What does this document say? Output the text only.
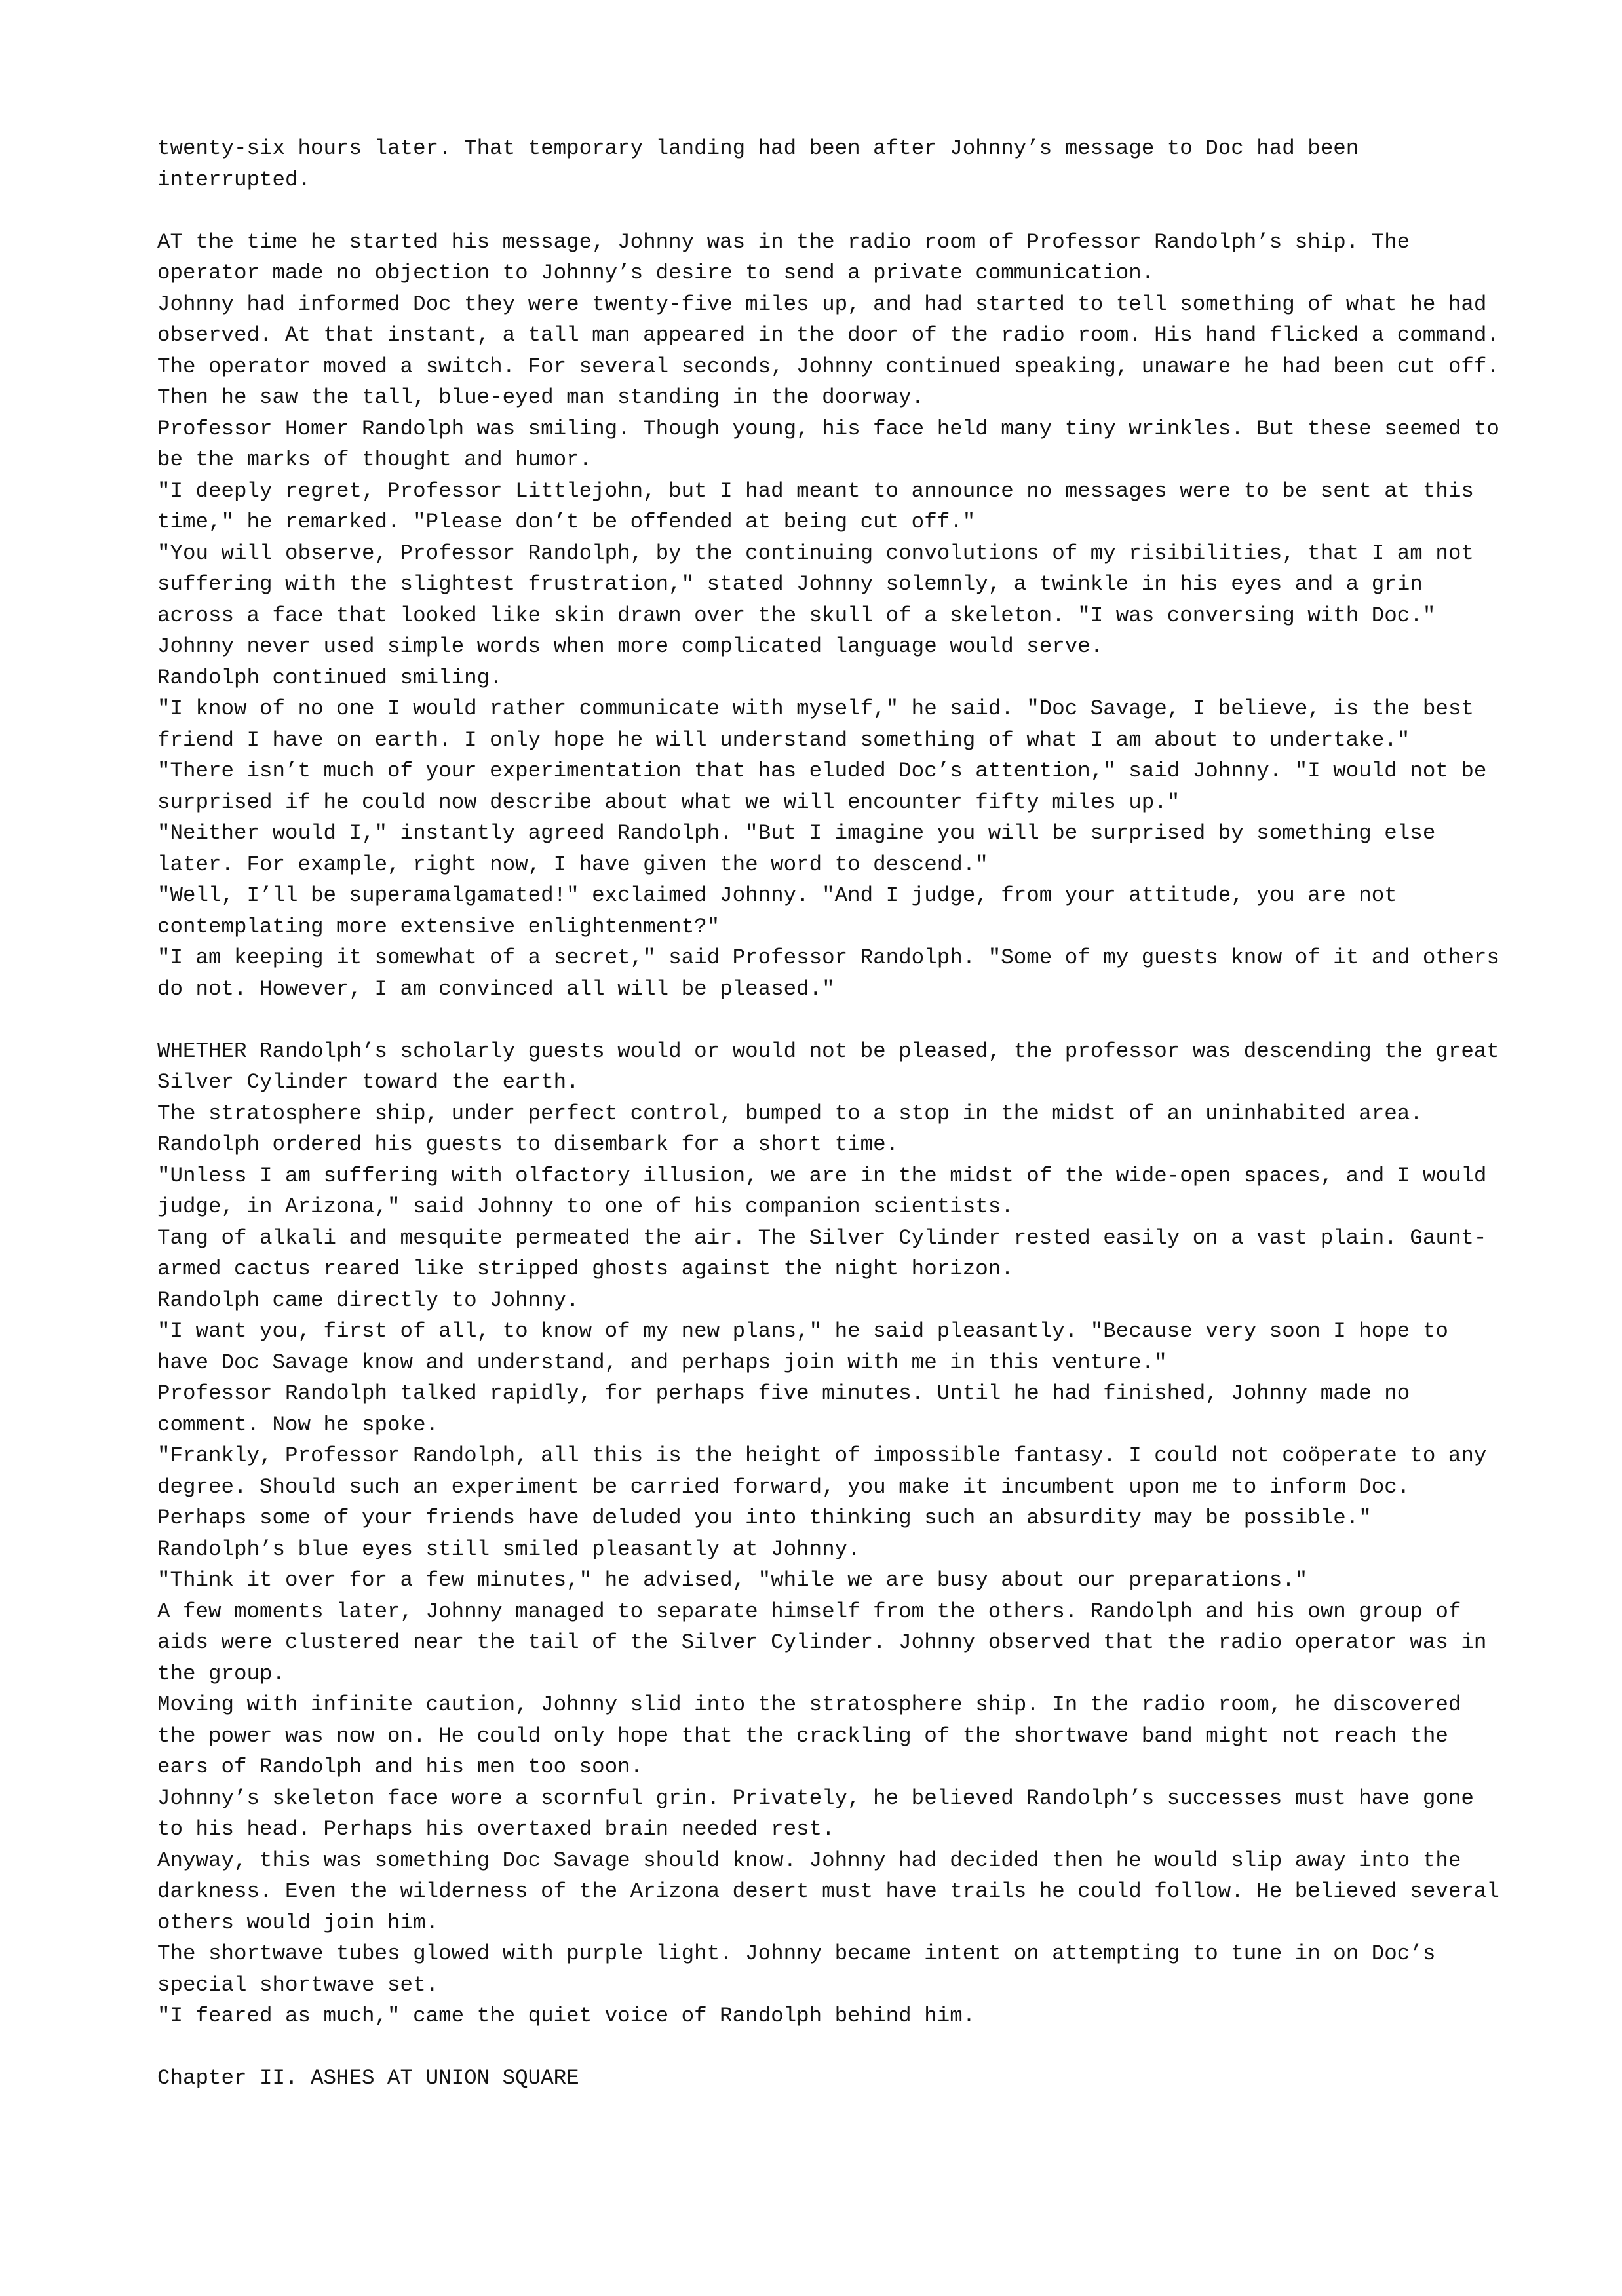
twenty-six hours later. That temporary landing had been after Johnny’s message to Doc had been interrupted.

AT the time he started his message, Johnny was in the radio room of Professor Randolph’s ship. The operator made no objection to Johnny’s desire to send a private communication.

Johnny had informed Doc they were twenty-five miles up, and had started to tell something of what he had observed. At that instant, a tall man appeared in the door of the radio room. His hand flicked a command.

The operator moved a switch. For several seconds, Johnny continued speaking, unaware he had been cut off. Then he saw the tall, blue-eyed man standing in the doorway.

Professor Homer Randolph was smiling. Though young, his face held many tiny wrinkles. But these seemed to be the marks of thought and humor.

"I deeply regret, Professor Littlejohn, but I had meant to announce no messages were to be sent at this time," he remarked. "Please don’t be offended at being cut off."

"You will observe, Professor Randolph, by the continuing convolutions of my risibilities, that I am not suffering with the slightest frustration," stated Johnny solemnly, a twinkle in his eyes and a grin across a face that looked like skin drawn over the skull of a skeleton. "I was conversing with Doc."

Johnny never used simple words when more complicated language would serve.

Randolph continued smiling.

"I know of no one I would rather communicate with myself," he said. "Doc Savage, I believe, is the best friend I have on earth. I only hope he will understand something of what I am about to undertake."

"There isn’t much of your experimentation that has eluded Doc’s attention," said Johnny. "I would not be surprised if he could now describe about what we will encounter fifty miles up."

"Neither would I," instantly agreed Randolph. "But I imagine you will be surprised by something else later. For example, right now, I have given the word to descend."

"Well, I’ll be superamalgamated!" exclaimed Johnny. "And I judge, from your attitude, you are not contemplating more extensive enlightenment?"

"I am keeping it somewhat of a secret," said Professor Randolph. "Some of my guests know of it and others do not. However, I am convinced all will be pleased."

WHETHER Randolph’s scholarly guests would or would not be pleased, the professor was descending the great Silver Cylinder toward the earth.

The stratosphere ship, under perfect control, bumped to a stop in the midst of an uninhabited area. Randolph ordered his guests to disembark for a short time.

"Unless I am suffering with olfactory illusion, we are in the midst of the wide-open spaces, and I would judge, in Arizona," said Johnny to one of his companion scientists.

Tang of alkali and mesquite permeated the air. The Silver Cylinder rested easily on a vast plain. Gaunt-armed cactus reared like stripped ghosts against the night horizon.

Randolph came directly to Johnny.

"I want you, first of all, to know of my new plans," he said pleasantly. "Because very soon I hope to have Doc Savage know and understand, and perhaps join with me in this venture."

Professor Randolph talked rapidly, for perhaps five minutes. Until he had finished, Johnny made no comment. Now he spoke.

"Frankly, Professor Randolph, all this is the height of impossible fantasy. I could not coöperate to any degree. Should such an experiment be carried forward, you make it incumbent upon me to inform Doc. Perhaps some of your friends have deluded you into thinking such an absurdity may be possible."

Randolph’s blue eyes still smiled pleasantly at Johnny.

"Think it over for a few minutes," he advised, "while we are busy about our preparations."

A few moments later, Johnny managed to separate himself from the others. Randolph and his own group of aids were clustered near the tail of the Silver Cylinder. Johnny observed that the radio operator was in the group.

Moving with infinite caution, Johnny slid into the stratosphere ship. In the radio room, he discovered the power was now on. He could only hope that the crackling of the shortwave band might not reach the ears of Randolph and his men too soon.

Johnny’s skeleton face wore a scornful grin. Privately, he believed Randolph’s successes must have gone to his head. Perhaps his overtaxed brain needed rest.

Anyway, this was something Doc Savage should know. Johnny had decided then he would slip away into the darkness. Even the wilderness of the Arizona desert must have trails he could follow. He believed several others would join him.

The shortwave tubes glowed with purple light. Johnny became intent on attempting to tune in on Doc’s special shortwave set.

"I feared as much," came the quiet voice of Randolph behind him.

Chapter II. ASHES AT UNION SQUARE
